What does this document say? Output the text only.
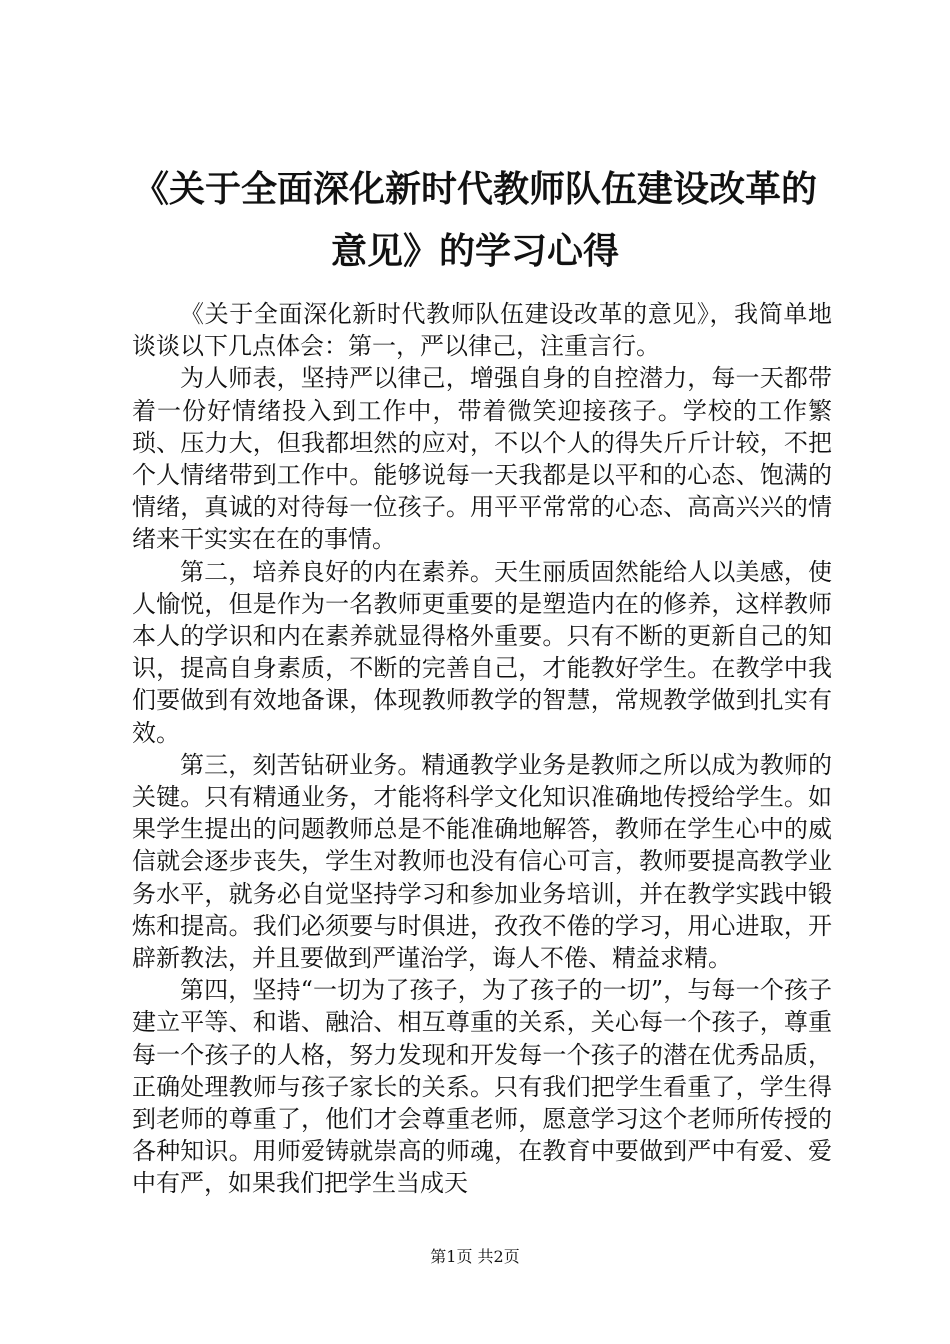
《关于全面深化新时代教师队伍建设改革的意见》的学习心得

《关于全面深化新时代教师队伍建设改革的意见》，我简单地谈谈以下几点体会：第一，严以律己，注重言行。

为人师表，坚持严以律己，增强自身的自控潜力，每一天都带着一份好情绪投入到工作中，带着微笑迎接孩子。学校的工作繁琐、压力大，但我都坦然的应对，不以个人的得失斤斤计较，不把个人情绪带到工作中。能够说每一天我都是以平和的心态、饱满的情绪，真诚的对待每一位孩子。用平平常常的心态、高高兴兴的情绪来干实实在在的事情。

第二，培养良好的内在素养。天生丽质固然能给人以美感，使人愉悦，但是作为一名教师更重要的是塑造内在的修养，这样教师本人的学识和内在素养就显得格外重要。只有不断的更新自己的知识，提高自身素质，不断的完善自己，才能教好学生。在教学中我们要做到有效地备课，体现教师教学的智慧，常规教学做到扎实有效。

第三，刻苦钻研业务。精通教学业务是教师之所以成为教师的关键。只有精通业务，才能将科学文化知识准确地传授给学生。如果学生提出的问题教师总是不能准确地解答，教师在学生心中的威信就会逐步丧失，学生对教师也没有信心可言，教师要提高教学业务水平，就务必自觉坚持学习和参加业务培训，并在教学实践中锻炼和提高。我们必须要与时俱进，孜孜不倦的学习，用心进取，开辟新教法，并且要做到严谨治学，诲人不倦、精益求精。

第四，坚持“一切为了孩子，为了孩子的一切”，与每一个孩子建立平等、和谐、融洽、相互尊重的关系，关心每一个孩子，尊重每一个孩子的人格，努力发现和开发每一个孩子的潜在优秀品质，正确处理教师与孩子家长的关系。只有我们把学生看重了，学生得到老师的尊重了，他们才会尊重老师，愿意学习这个老师所传授的各种知识。用师爱铸就崇高的师魂，在教育中要做到严中有爱、爱中有严，如果我们把学生当成天

第1页 共2页
